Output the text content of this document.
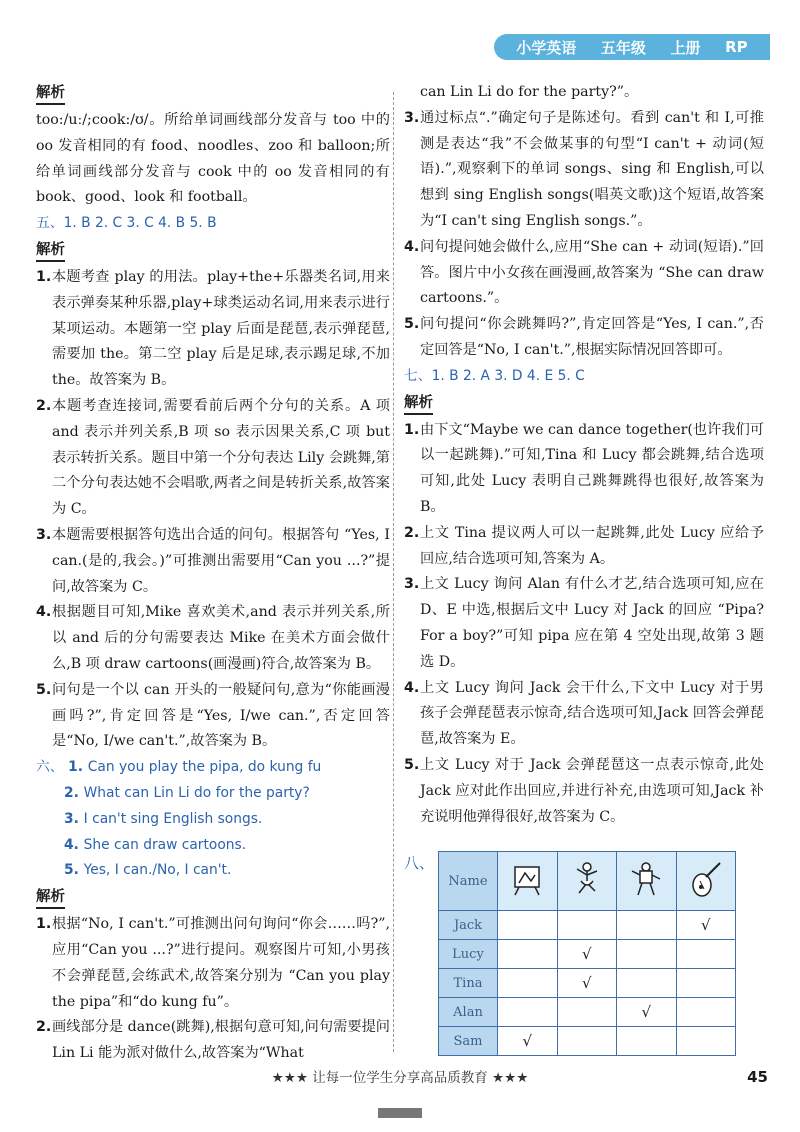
小学英语 五年级 上册 RP
解析

too:/uː/;cook:/ʊ/。所给单词画线部分发音与 too 中的 oo 发音相同的有 food、noodles、zoo 和 balloon;所给单词画线部分发音与 cook 中的 oo 发音相同的有 book、good、look 和 football。

五、1. B 2. C 3. C 4. B 5. B

解析

1. 本题考查 play 的用法。play+the+乐器类名词,用来表示弹奏某种乐器,play+球类运动名词,用来表示进行某项运动。本题第一空 play 后面是琵琶,表示弹琵琶,需要加 the。第二空 play 后是足球,表示踢足球,不加 the。故答案为 B。

2. 本题考查连接词,需要看前后两个分句的关系。A 项 and 表示并列关系,B 项 so 表示因果关系,C 项 but 表示转折关系。题目中第一个分句表达 Lily 会跳舞,第二个分句表达她不会唱歌,两者之间是转折关系,故答案为 C。

3. 本题需要根据答句选出合适的问句。根据答句 “Yes, I can.(是的,我会。)”可推测出需要用“Can you ...?”提问,故答案为 C。

4. 根据题目可知,Mike 喜欢美术,and 表示并列关系,所以 and 后的分句需要表达 Mike 在美术方面会做什么,B 项 draw cartoons(画漫画)符合,故答案为 B。

5. 问句是一个以 can 开头的一般疑问句,意为“你能画漫画吗?”,肯定回答是“Yes, I/we can.”,否定回答是“No, I/we can't.”,故答案为 B。

六、 1. Can you play the pipa, do kung fu
2. What can Lin Li do for the party?
3. I can't sing English songs.
4. She can draw cartoons.
5. Yes, I can./No, I can't.
解析

1. 根据“No, I can't.”可推测出问句询问“你会……吗?”,应用“Can you ...?”进行提问。观察图片可知,小男孩不会弹琵琶,会练武术,故答案分别为 “Can you play the pipa”和“do kung fu”。

2. 画线部分是 dance(跳舞),根据句意可知,问句需要提问 Lin Li 能为派对做什么,故答案为“What

can Lin Li do for the party?”。

3. 通过标点“.”确定句子是陈述句。看到 can't 和 I,可推测是表达“我”不会做某事的句型“I can't + 动词(短语).”,观察剩下的单词 songs、sing 和 English,可以想到 sing English songs(唱英文歌)这个短语,故答案为“I can't sing English songs.”。

4. 问句提问她会做什么,应用“She can + 动词(短语).”回答。图片中小女孩在画漫画,故答案为 “She can draw cartoons.”。

5. 问句提问“你会跳舞吗?”,肯定回答是“Yes, I can.”,否定回答是“No, I can't.”,根据实际情况回答即可。

七、1. B 2. A 3. D 4. E 5. C

解析

1. 由下文“Maybe we can dance together(也许我们可以一起跳舞).”可知,Tina 和 Lucy 都会跳舞,结合选项可知,此处 Lucy 表明自己跳舞跳得也很好,故答案为 B。

2. 上文 Tina 提议两人可以一起跳舞,此处 Lucy 应给予回应,结合选项可知,答案为 A。

3. 上文 Lucy 询问 Alan 有什么才艺,结合选项可知,应在 D、E 中选,根据后文中 Lucy 对 Jack 的回应 “Pipa? For a boy?”可知 pipa 应在第 4 空处出现,故第 3 题选 D。

4. 上文 Lucy 询问 Jack 会干什么,下文中 Lucy 对于男孩子会弹琵琶表示惊奇,结合选项可知,Jack 回答会弹琵琶,故答案为 E。

5. 上文 Lucy 对于 Jack 会弹琵琶这一点表示惊奇,此处 Jack 应对此作出回应,并进行补充,由选项可知,Jack 补充说明他弹得很好,故答案为 C。

八、
Name				
Jack				√
Lucy		√		
Tina		√		
Alan			√	
Sam	√			
★★★ 让每一位学生分享高品质教育 ★★★	45
